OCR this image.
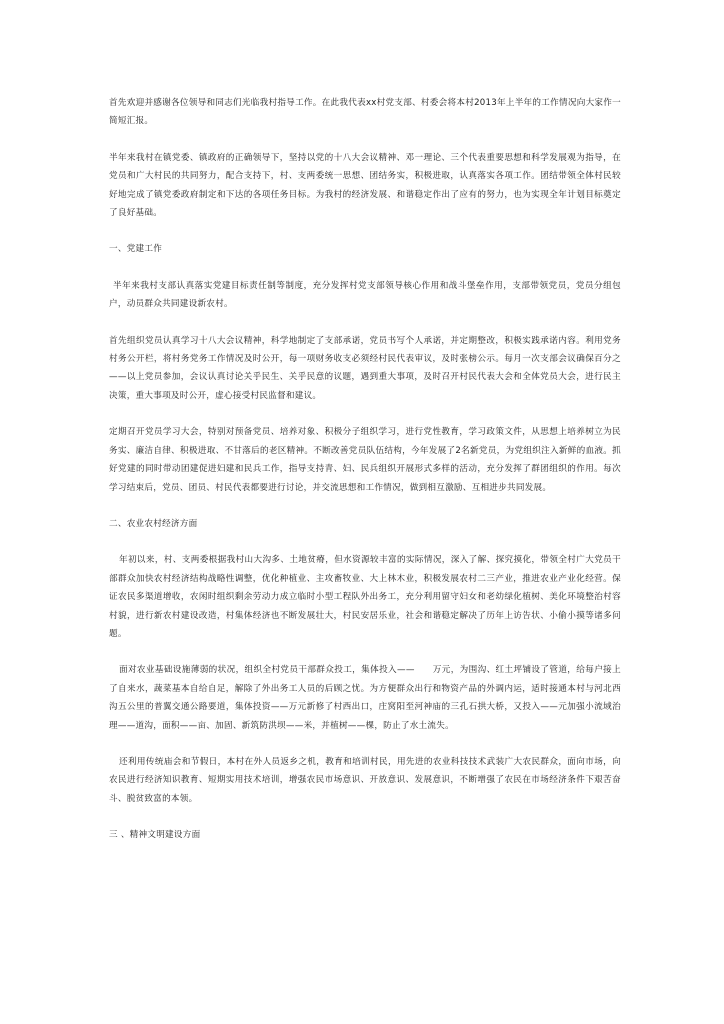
首先欢迎并感谢各位领导和同志们光临我村指导工作。在此我代表xx村党支部、村委会将本村2013年上半年的工作情况向大家作一简短汇报。

半年来我村在镇党委、镇政府的正确领导下，坚持以党的十八大会议精神、邓一理论、三个代表重要思想和科学发展观为指导，在党员和广大村民的共同努力，配合支持下，村、支两委统一思想、团结务实，积极进取，认真落实各项工作。团结带领全体村民较好地完成了镇党委政府制定和下达的各项任务目标。为我村的经济发展、和谐稳定作出了应有的努力，也为实现全年计划目标奠定了良好基础。

一、党建工作

半年来我村支部认真落实党建目标责任制等制度，充分发挥村党支部领导核心作用和战斗堡垒作用，支部带领党员，党员分组包户，动员群众共同建设新农村。

首先组织党员认真学习十八大会议精神，科学地制定了支部承诺，党员书写个人承诺，并定期整改，积极实践承诺内容。利用党务村务公开栏，将村务党务工作情况及时公开，每一项财务收支必须经村民代表审议，及时张榜公示。每月一次支部会议确保百分之——以上党员参加，会议认真讨论关乎民生、关乎民意的议题，遇到重大事项，及时召开村民代表大会和全体党员大会，进行民主决策，重大事项及时公开，虚心接受村民监督和建议。

定期召开党员学习大会，特别对预备党员、培养对象、积极分子组织学习，进行党性教育，学习政策文件，从思想上培养树立为民务实、廉洁自律、积极进取、不甘落后的老区精神。不断改善党员队伍结构，今年发展了2名新党员，为党组织注入新鲜的血液。抓好党建的同时带动团建促进妇建和民兵工作，指导支持青、妇、民兵组织开展形式多样的活动，充分发挥了群团组织的作用。每次学习结束后，党员、团员、村民代表都要进行讨论，并交流思想和工作情况，做到相互激励、互相进步共同发展。

二、农业农村经济方面

年初以来，村、支两委根据我村山大沟多、土地贫瘠，但水资源较丰富的实际情况，深入了解、探究摸化，带领全村广大党员干部群众加快农村经济结构战略性调整，优化种植业、主攻畜牧业、大上林木业，积极发展农村二三产业，推进农业产业化经营。保证农民多渠道增收，农闲时组织剩余劳动力成立临时小型工程队外出务工，充分利用留守妇女和老幼绿化植树、美化环境整治村容村貌，进行新农村建设改造，村集体经济也不断发展壮大，村民安居乐业，社会和谐稳定解决了历年上访告状、小偷小摸等诸多问题。

面对农业基础设施薄弱的状况，组织全村党员干部群众投工，集体投入——　　万元，为围沟、红土坪铺设了管道，给每户接上了自来水，蔬菜基本自给自足，解除了外出务工人员的后顾之忧。为方便群众出行和物资产品的外调内运，适时接通本村与河北西沟五公里的普翼交通公路要道，集体投资——万元新修了村西出口，庄窝阳至河神庙的三孔石拱大桥，又投入——元加强小流域治理——道沟，面积——亩、加固、新筑防洪坝——米，并植树——棵，防止了水土流失。

还利用传统庙会和节假日，本村在外人员返乡之机，教育和培训村民，用先进的农业科技技术武装广大农民群众，面向市场，向农民进行经济知识教育、短期实用技术培训，增强农民市场意识、开放意识、发展意识，不断增强了农民在市场经济条件下艰苦奋斗、脱贫致富的本领。

三 、精神文明建设方面
